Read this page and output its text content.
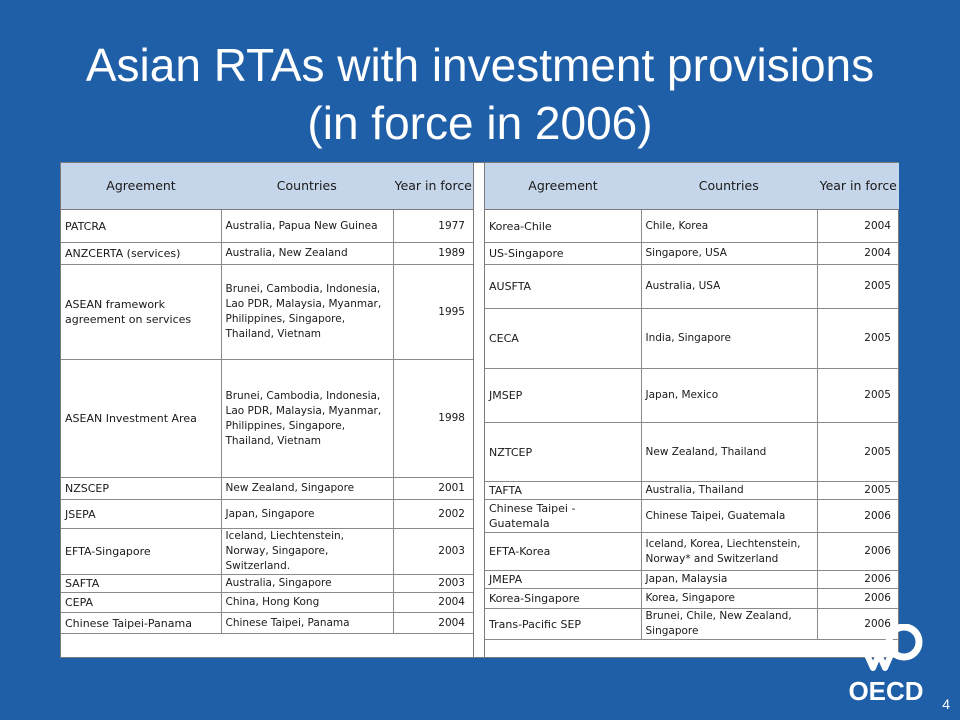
Asian RTAs with investment provisions (in force in 2006)
Agreement	Countries	Year in force
PATCRA	Australia, Papua New Guinea	1977
ANZCERTA (services)	Australia, New Zealand	1989
ASEAN framework agreement on services	Brunei, Cambodia, Indonesia, Lao PDR, Malaysia, Myanmar, Philippines, Singapore, Thailand, Vietnam	1995
ASEAN Investment Area	Brunei, Cambodia, Indonesia, Lao PDR, Malaysia, Myanmar, Philippines, Singapore, Thailand, Vietnam	1998
NZSCEP	New Zealand, Singapore	2001
JSEPA	Japan, Singapore	2002
EFTA-Singapore	Iceland, Liechtenstein, Norway, Singapore, Switzerland.	2003
SAFTA	Australia, Singapore	2003
CEPA	China, Hong Kong	2004
Chinese Taipei-Panama	Chinese Taipei, Panama	2004
Agreement	Countries	Year in force
Korea-Chile	Chile, Korea	2004
US-Singapore	Singapore, USA	2004
AUSFTA	Australia, USA	2005
CECA	India, Singapore	2005
JMSEP	Japan, Mexico	2005
NZTCEP	New Zealand, Thailand	2005
TAFTA	Australia, Thailand	2005
Chinese Taipei - Guatemala	Chinese Taipei, Guatemala	2006
EFTA-Korea	Iceland, Korea, Liechtenstein, Norway* and Switzerland	2006
JMEPA	Japan, Malaysia	2006
Korea-Singapore	Korea, Singapore	2006
Trans-Pacific SEP	Brunei, Chile, New Zealand, Singapore	2006
OECD 4
